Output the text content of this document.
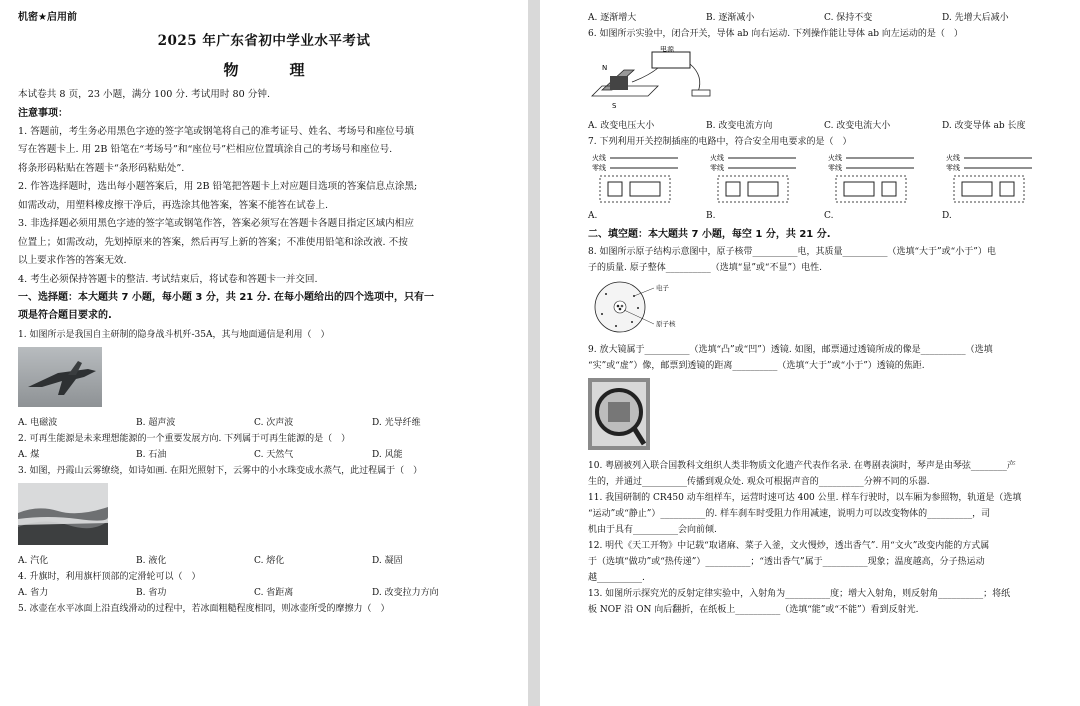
机密★启用前
2025 年广东省初中学业水平考试
物　理
本试卷共 8 页，23 小题，满分 100 分. 考试用时 80 分钟.
注意事项：
1. 答题前，考生务必用黑色字迹的签字笔或钢笔将自己的准考证号、姓名、考场号和座位号填
写在答题卡上. 用 2B 铅笔在“考场号”和“座位号”栏相应位置填涂自己的考场号和座位号.
将条形码粘贴在答题卡“条形码粘贴处”.
2. 作答选择题时，选出每小题答案后，用 2B 铅笔把答题卡上对应题目选项的答案信息点涂黑;
如需改动，用塑料橡皮擦干净后，再选涂其他答案，答案不能答在试卷上.
3. 非选择题必须用黑色字迹的签字笔或钢笔作答，答案必须写在答题卡各题目指定区域内相应
位置上；如需改动，先划掉原来的答案，然后再写上新的答案；不准使用铅笔和涂改液. 不按
以上要求作答的答案无效.
4. 考生必须保持答题卡的整洁. 考试结束后，将试卷和答题卡一并交回.
一、选择题：本大题共 7 小题，每小题 3 分，共 21 分. 在每小题给出的四个选项中，只有一
项是符合题目要求的.
1. 如图所示是我国自主研制的隐身战斗机歼-35A，其与地面通信是利用（　）
A. 电磁波	B. 超声波	C. 次声波	D. 光导纤维
2. 可再生能源是未来理想能源的一个重要发展方向. 下列属于可再生能源的是（　）
A. 煤	B. 石油	C. 天然气	D. 风能
3. 如图，丹霞山云雾缭绕，如诗如画. 在阳光照射下，云雾中的小水珠变成水蒸气，此过程属于（　）
A. 汽化	B. 液化	C. 熔化	D. 凝固
4. 升旗时，利用旗杆顶部的定滑轮可以（　）
A. 省力	B. 省功	C. 省距离	D. 改变拉力方向
5. 冰壶在水平冰面上沿直线滑动的过程中，若冰面粗糙程度相同，则冰壶所受的摩擦力（　）
A. 逐渐增大	B. 逐渐减小	C. 保持不变	D. 先增大后减小
6. 如图所示实验中，闭合开关，导体 ab 向右运动. 下列操作能让导体 ab 向左运动的是（　）
电源
N
S
A. 改变电压大小	B. 改变电流方向	C. 改变电流大小	D. 改变导体 ab 长度
7. 下列利用开关控制插座的电路中，符合安全用电要求的是（　）
火线
零线
火线
零线
火线
零线
火线
零线
A.	B.	C.	D.
二、填空题：本大题共 7 小题，每空 1 分，共 21 分.
8. 如图所示原子结构示意图中，原子核带__________电，其质量__________（选填“大于”或“小于”）电
子的质量. 原子整体__________（选填“显”或“不显”）电性.
电子
原子核
9. 放大镜属于__________（选填“凸”或“凹”）透镜. 如图，邮票通过透镜所成的像是__________（选填
“实”或“虚”）像，邮票到透镜的距离__________（选填“大于”或“小于”）透镜的焦距.
10. 粤剧被列入联合国教科文组织人类非物质文化遗产代表作名录. 在粤剧表演时，琴声是由琴弦________产
生的，并通过__________传播到观众处. 观众可根据声音的__________分辨不同的乐器.
11. 我国研制的 CR450 动车组样车，运营时速可达 400 公里. 样车行驶时，以车厢为参照物，轨道是（选填
“运动”或“静止”）__________的. 样车刹车时受阻力作用减速，说明力可以改变物体的__________，司
机由于具有__________会向前倾.
12. 明代《天工开物》中记载“取诸麻、菜子入釜，文火慢炒，透出香气”. 用“文火”改变内能的方式属
于（选填“做功”或“热传递”）__________；“透出香气”属于__________现象；温度越高，分子热运动
越__________.
13. 如图所示探究光的反射定律实验中，入射角为__________度；增大入射角，则反射角__________；将纸
板 NOF 沿 ON 向后翻折，在纸板上__________（选填“能”或“不能”）看到反射光.
